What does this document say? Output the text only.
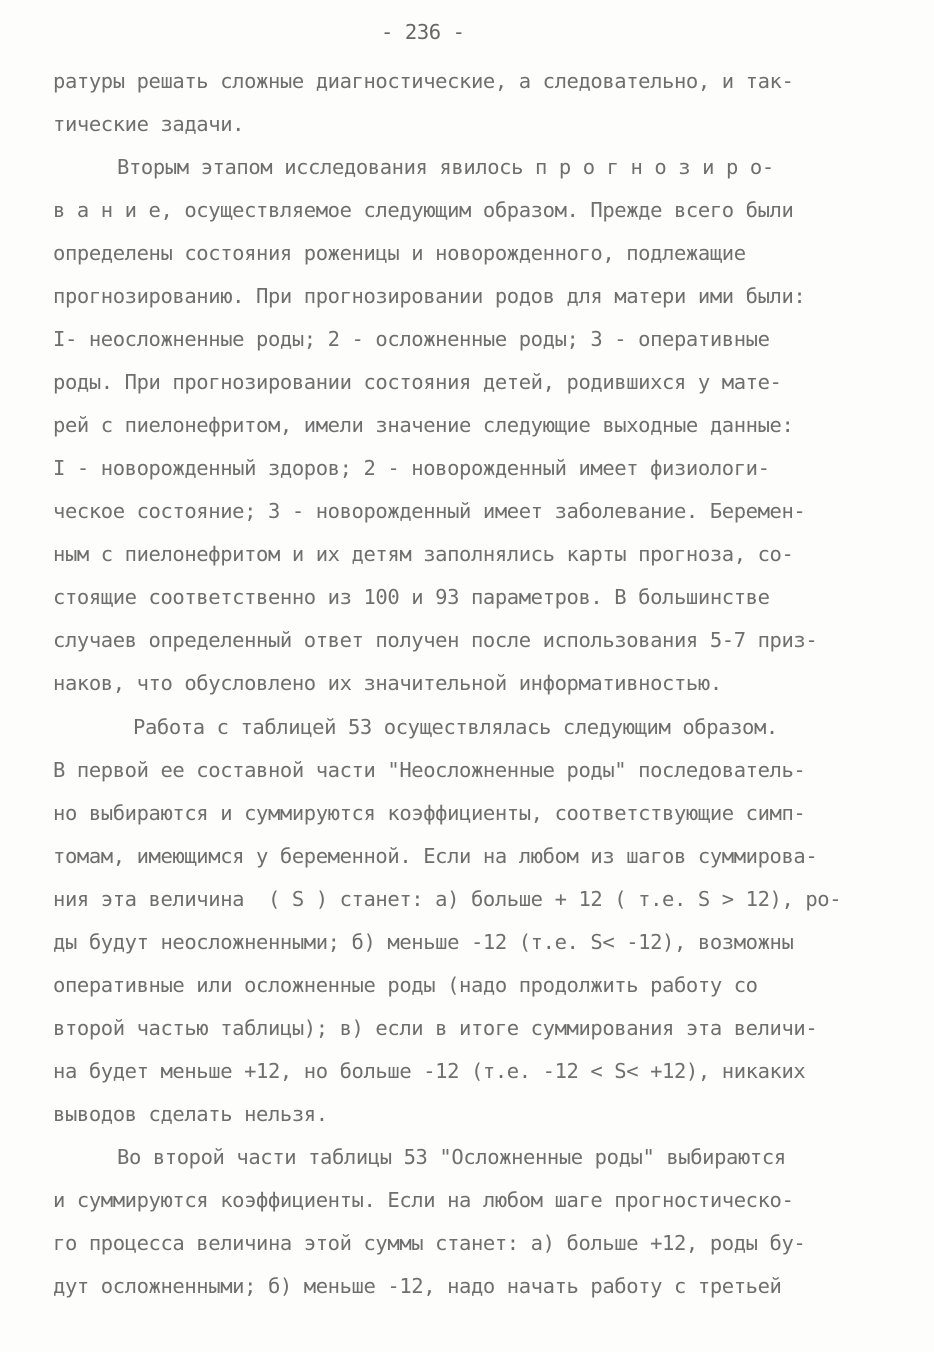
- 236 -
ратуры решать сложные диагностические, а следовательно, и так-
тические задачи.
Вторым этапом исследования явилось п р о г н о з и р о-
в а н и е, осуществляемое следующим образом. Прежде всего были
определены состояния роженицы и новорожденного, подлежащие
прогнозированию. При прогнозировании родов для матери ими были:
I- неосложненные роды; 2 - осложненные роды; 3 - оперативные
роды. При прогнозировании состояния детей, родившихся у мате-
рей с пиелонефритом, имели значение следующие выходные данные:
I - новорожденный здоров; 2 - новорожденный имеет физиологи-
ческое состояние; 3 - новорожденный имеет заболевание. Беремен-
ным с пиелонефритом и их детям заполнялись карты прогноза, со-
стоящие соответственно из 100 и 93 параметров. В большинстве
случаев определенный ответ получен после использования 5-7 приз-
наков, что обусловлено их значительной информативностью.
Работа с таблицей 53 осуществлялась следующим образом.
В первой ее составной части "Неосложненные роды" последователь-
но выбираются и суммируются коэффициенты, соответствующие симп-
томам, имеющимся у беременной. Если на любом из шагов суммирова-
ния эта величина  ( S ) станет: а) больше + 12 ( т.е. S > 12), ро-
ды будут неосложненными; б) меньше -12 (т.е. S< -12), возможны
оперативные или осложненные роды (надо продолжить работу со
второй частью таблицы); в) если в итоге суммирования эта величи-
на будет меньше +12, но больше -12 (т.е. -12 < S< +12), никаких
выводов сделать нельзя.
Во второй части таблицы 53 "Осложненные роды" выбираются
и суммируются коэффициенты. Если на любом шаге прогностическо-
го процесса величина этой суммы станет: а) больше +12, роды бу-
дут осложненными; б) меньше -12, надо начать работу с третьей
